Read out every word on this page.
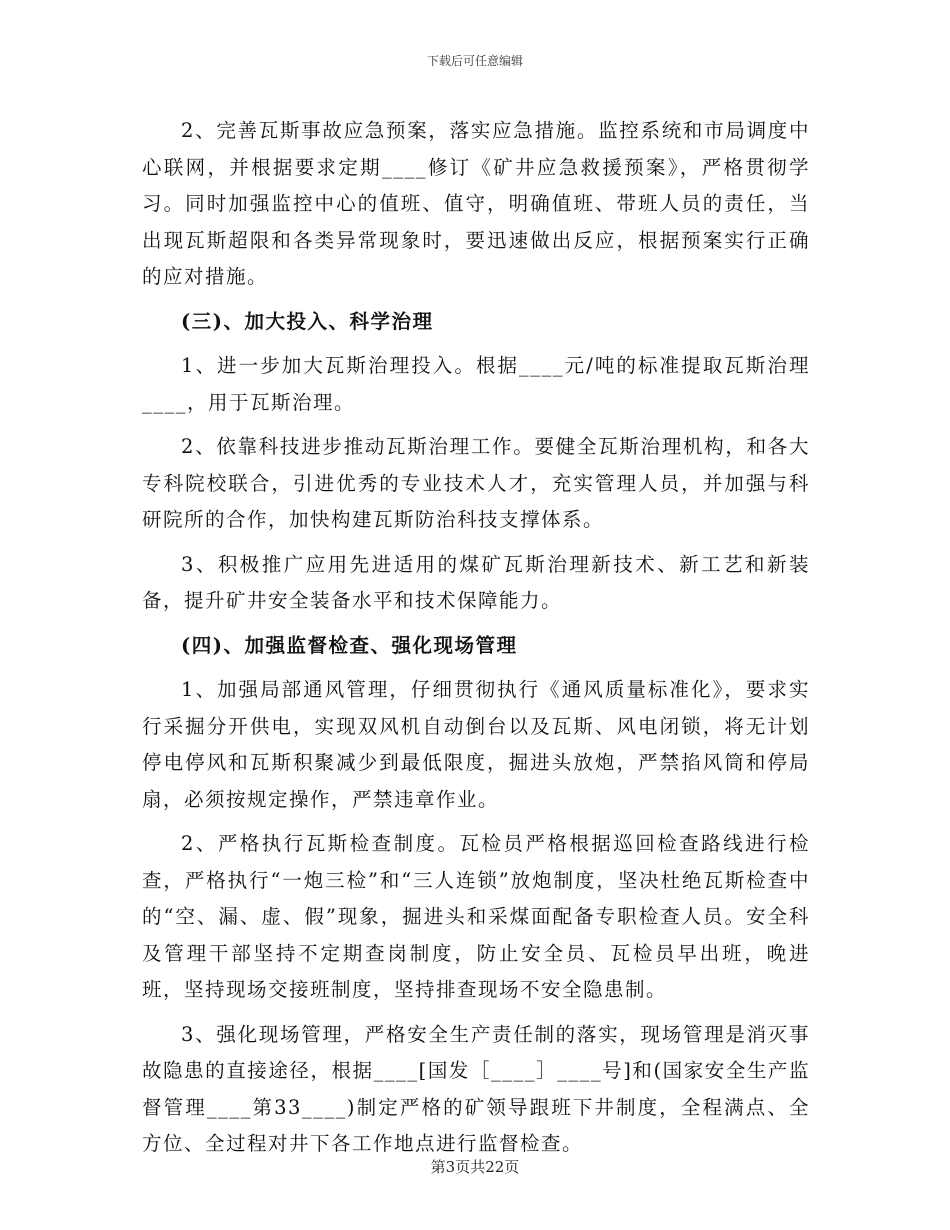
下载后可任意编辑

2、完善瓦斯事故应急预案，落实应急措施。监控系统和市局调度中心联网，并根据要求定期____修订《矿井应急救援预案》，严格贯彻学习。同时加强监控中心的值班、值守，明确值班、带班人员的责任，当出现瓦斯超限和各类异常现象时，要迅速做出反应，根据预案实行正确的应对措施。

(三)、加大投入、科学治理

1、进一步加大瓦斯治理投入。根据____元/吨的标准提取瓦斯治理____，用于瓦斯治理。

2、依靠科技进步推动瓦斯治理工作。要健全瓦斯治理机构，和各大专科院校联合，引进优秀的专业技术人才，充实管理人员，并加强与科研院所的合作，加快构建瓦斯防治科技支撑体系。

3、积极推广应用先进适用的煤矿瓦斯治理新技术、新工艺和新装备，提升矿井安全装备水平和技术保障能力。

(四)、加强监督检查、强化现场管理

1、加强局部通风管理，仔细贯彻执行《通风质量标准化》，要求实行采掘分开供电，实现双风机自动倒台以及瓦斯、风电闭锁，将无计划停电停风和瓦斯积聚减少到最低限度，掘进头放炮，严禁掐风筒和停局扇，必须按规定操作，严禁违章作业。

2、严格执行瓦斯检查制度。瓦检员严格根据巡回检查路线进行检查，严格执行“一炮三检”和“三人连锁”放炮制度，坚决杜绝瓦斯检查中的“空、漏、虚、假”现象，掘进头和采煤面配备专职检查人员。安全科及管理干部坚持不定期查岗制度，防止安全员、瓦检员早出班，晚进班，坚持现场交接班制度，坚持排查现场不安全隐患制。

3、强化现场管理，严格安全生产责任制的落实，现场管理是消灭事故隐患的直接途径，根据____[国发［____］____号]和(国家安全生产监督管理____第33____)制定严格的矿领导跟班下井制度，全程满点、全方位、全过程对井下各工作地点进行监督检查。

第3页共22页
